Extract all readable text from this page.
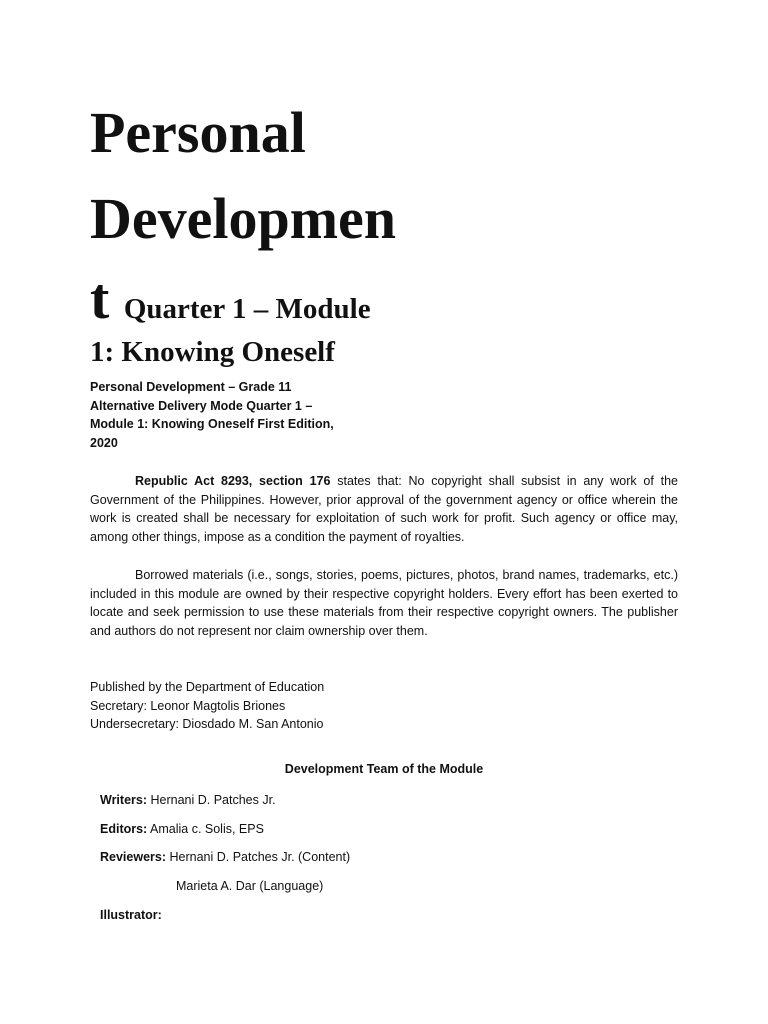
Personal
Developmen
t Quarter 1 – Module
1: Knowing Oneself
Personal Development – Grade 11
Alternative Delivery Mode Quarter 1 –
Module 1: Knowing Oneself First Edition,
2020

Republic Act 8293, section 176 states that: No copyright shall subsist in any work of the Government of the Philippines. However, prior approval of the government agency or office wherein the work is created shall be necessary for exploitation of such work for profit. Such agency or office may, among other things, impose as a condition the payment of royalties.

Borrowed materials (i.e., songs, stories, poems, pictures, photos, brand names, trademarks, etc.) included in this module are owned by their respective copyright holders. Every effort has been exerted to locate and seek permission to use these materials from their respective copyright owners. The publisher and authors do not represent nor claim ownership over them.

Published by the Department of Education
Secretary: Leonor Magtolis Briones
Undersecretary: Diosdado M. San Antonio
Development Team of the Module
Writers: Hernani D. Patches Jr.
Editors: Amalia c. Solis, EPS
Reviewers: Hernani D. Patches Jr. (Content)
Marieta A. Dar (Language)
Illustrator:
